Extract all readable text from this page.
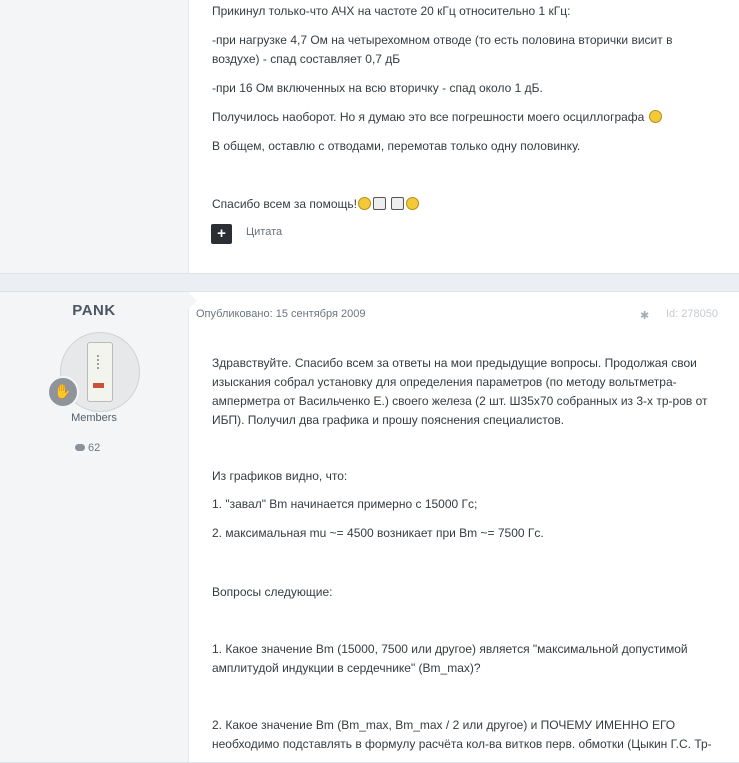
Прикинул только-что АЧХ на частоте 20 кГц относительно 1 кГц:

-при нагрузке 4,7 Ом на четырехомном отводе (то есть половина вторички висит в воздухе) - спад составляет 0,7 дБ

-при 16 Ом включенных на всю вторичку - спад около 1 дБ.

Получилось наоборот. Но я думаю это все погрешности моего осциллографа

В общем, оставлю с отводами, перемотав только одну половинку.

Спасибо всем за помощь!

+	Цитата
PANK
✋
Members
62
Опубликовано: 15 сентября 2009	✱ Id: 278050

Здравствуйте. Спасибо всем за ответы на мои предыдущие вопросы. Продолжая свои изыскания собрал установку для определения параметров (по методу вольтметра-амперметра от Васильченко Е.) своего железа (2 шт. Ш35х70 собранных из 3-х тр-ров от ИБП). Получил два графика и прошу пояснения специалистов.

Из графиков видно, что:

1. "завал" Bm начинается примерно с 15000 Гс;

2. максимальная mu ~= 4500 возникает при Bm ~= 7500 Гс.

Вопросы следующие:

1. Какое значение Bm (15000, 7500 или другое) является "максимальной допустимой амплитудой индукции в сердечнике" (Bm_max)?

2. Какое значение Bm (Bm_max, Bm_max / 2 или другое) и ПОЧЕМУ ИМЕННО ЕГО необходимо подставлять в формулу расчёта кол-ва витков перв. обмотки (Цыкин Г.С. Тр-
